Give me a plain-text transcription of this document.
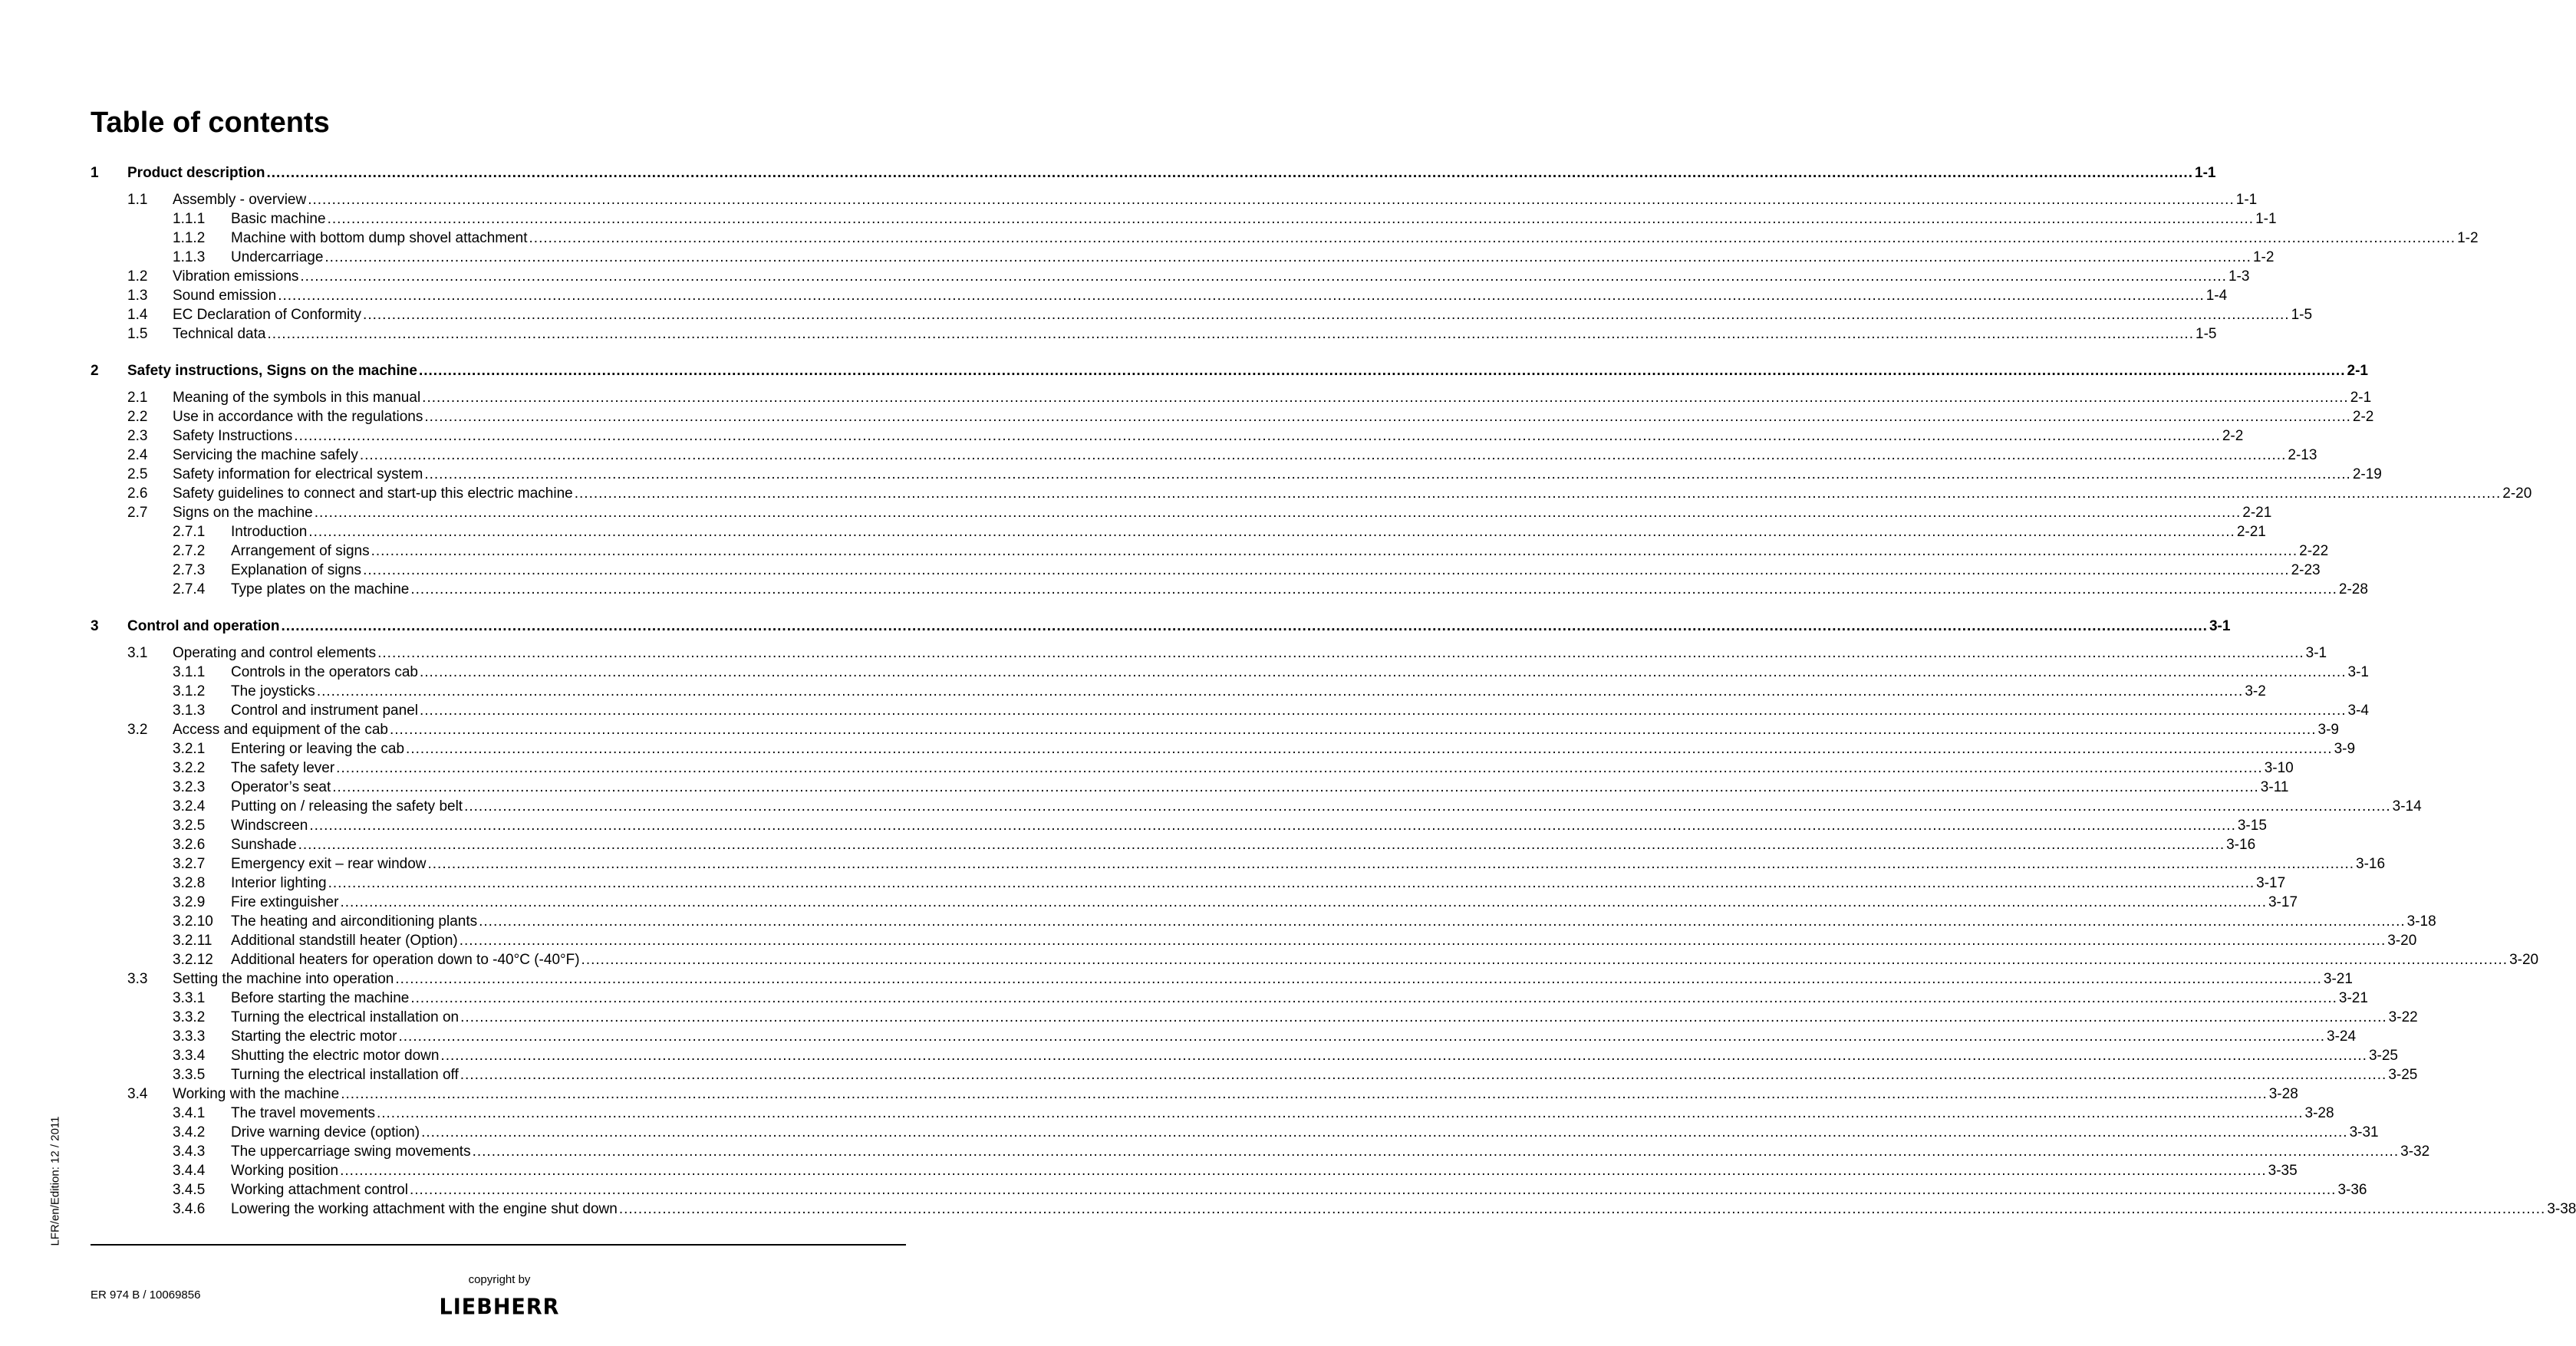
Table of contents
1 Product description ................................................................................................................................................................................................................................................................................................................................................................................................................ 1-1
1.1 Assembly - overview ................................................................................................................................................................................................................................................................................................................................................................................................................ 1-1
1.1.1 Basic machine ................................................................................................................................................................................................................................................................................................................................................................................................................ 1-1
1.1.2 Machine with bottom dump shovel attachment ................................................................................................................................................................................................................................................................................................................................................................................................................ 1-2
1.1.3 Undercarriage ................................................................................................................................................................................................................................................................................................................................................................................................................ 1-2
1.2 Vibration emissions ................................................................................................................................................................................................................................................................................................................................................................................................................ 1-3
1.3 Sound emission ................................................................................................................................................................................................................................................................................................................................................................................................................ 1-4
1.4 EC Declaration of Conformity ................................................................................................................................................................................................................................................................................................................................................................................................................ 1-5
1.5 Technical data ................................................................................................................................................................................................................................................................................................................................................................................................................ 1-5
2 Safety instructions, Signs on the machine ................................................................................................................................................................................................................................................................................................................................................................................................................ 2-1
2.1 Meaning of the symbols in this manual ................................................................................................................................................................................................................................................................................................................................................................................................................ 2-1
2.2 Use in accordance with the regulations ................................................................................................................................................................................................................................................................................................................................................................................................................ 2-2
2.3 Safety Instructions ................................................................................................................................................................................................................................................................................................................................................................................................................ 2-2
2.4 Servicing the machine safely ................................................................................................................................................................................................................................................................................................................................................................................................................ 2-13
2.5 Safety information for electrical system ................................................................................................................................................................................................................................................................................................................................................................................................................ 2-19
2.6 Safety guidelines to connect and start-up this electric machine ................................................................................................................................................................................................................................................................................................................................................................................................................ 2-20
2.7 Signs on the machine ................................................................................................................................................................................................................................................................................................................................................................................................................ 2-21
2.7.1 Introduction ................................................................................................................................................................................................................................................................................................................................................................................................................ 2-21
2.7.2 Arrangement of signs ................................................................................................................................................................................................................................................................................................................................................................................................................ 2-22
2.7.3 Explanation of signs ................................................................................................................................................................................................................................................................................................................................................................................................................ 2-23
2.7.4 Type plates on the machine ................................................................................................................................................................................................................................................................................................................................................................................................................ 2-28
3 Control and operation ................................................................................................................................................................................................................................................................................................................................................................................................................ 3-1
3.1 Operating and control elements ................................................................................................................................................................................................................................................................................................................................................................................................................ 3-1
3.1.1 Controls in the operators cab ................................................................................................................................................................................................................................................................................................................................................................................................................ 3-1
3.1.2 The joysticks ................................................................................................................................................................................................................................................................................................................................................................................................................ 3-2
3.1.3 Control and instrument panel ................................................................................................................................................................................................................................................................................................................................................................................................................ 3-4
3.2 Access and equipment of the cab ................................................................................................................................................................................................................................................................................................................................................................................................................ 3-9
3.2.1 Entering or leaving the cab ................................................................................................................................................................................................................................................................................................................................................................................................................ 3-9
3.2.2 The safety lever ................................................................................................................................................................................................................................................................................................................................................................................................................ 3-10
3.2.3 Operator’s seat ................................................................................................................................................................................................................................................................................................................................................................................................................ 3-11
3.2.4 Putting on / releasing the safety belt ................................................................................................................................................................................................................................................................................................................................................................................................................ 3-14
3.2.5 Windscreen ................................................................................................................................................................................................................................................................................................................................................................................................................ 3-15
3.2.6 Sunshade ................................................................................................................................................................................................................................................................................................................................................................................................................ 3-16
3.2.7 Emergency exit – rear window ................................................................................................................................................................................................................................................................................................................................................................................................................ 3-16
3.2.8 Interior lighting ................................................................................................................................................................................................................................................................................................................................................................................................................ 3-17
3.2.9 Fire extinguisher ................................................................................................................................................................................................................................................................................................................................................................................................................ 3-17
3.2.10 The heating and airconditioning plants ................................................................................................................................................................................................................................................................................................................................................................................................................ 3-18
3.2.11 Additional standstill heater (Option) ................................................................................................................................................................................................................................................................................................................................................................................................................ 3-20
3.2.12 Additional heaters for operation down to -40°C (-40°F) ................................................................................................................................................................................................................................................................................................................................................................................................................ 3-20
3.3 Setting the machine into operation ................................................................................................................................................................................................................................................................................................................................................................................................................ 3-21
3.3.1 Before starting the machine ................................................................................................................................................................................................................................................................................................................................................................................................................ 3-21
3.3.2 Turning the electrical installation on ................................................................................................................................................................................................................................................................................................................................................................................................................ 3-22
3.3.3 Starting the electric motor ................................................................................................................................................................................................................................................................................................................................................................................................................ 3-24
3.3.4 Shutting the electric motor down ................................................................................................................................................................................................................................................................................................................................................................................................................ 3-25
3.3.5 Turning the electrical installation off ................................................................................................................................................................................................................................................................................................................................................................................................................ 3-25
3.4 Working with the machine ................................................................................................................................................................................................................................................................................................................................................................................................................ 3-28
3.4.1 The travel movements ................................................................................................................................................................................................................................................................................................................................................................................................................ 3-28
3.4.2 Drive warning device (option) ................................................................................................................................................................................................................................................................................................................................................................................................................ 3-31
3.4.3 The uppercarriage swing movements ................................................................................................................................................................................................................................................................................................................................................................................................................ 3-32
3.4.4 Working position ................................................................................................................................................................................................................................................................................................................................................................................................................ 3-35
3.4.5 Working attachment control ................................................................................................................................................................................................................................................................................................................................................................................................................ 3-36
3.4.6 Lowering the working attachment with the engine shut down ................................................................................................................................................................................................................................................................................................................................................................................................................ 3-38
LFR/en/Edition: 12 / 2011
ER 974 B / 10069856
copyright by
LIEBHERR
